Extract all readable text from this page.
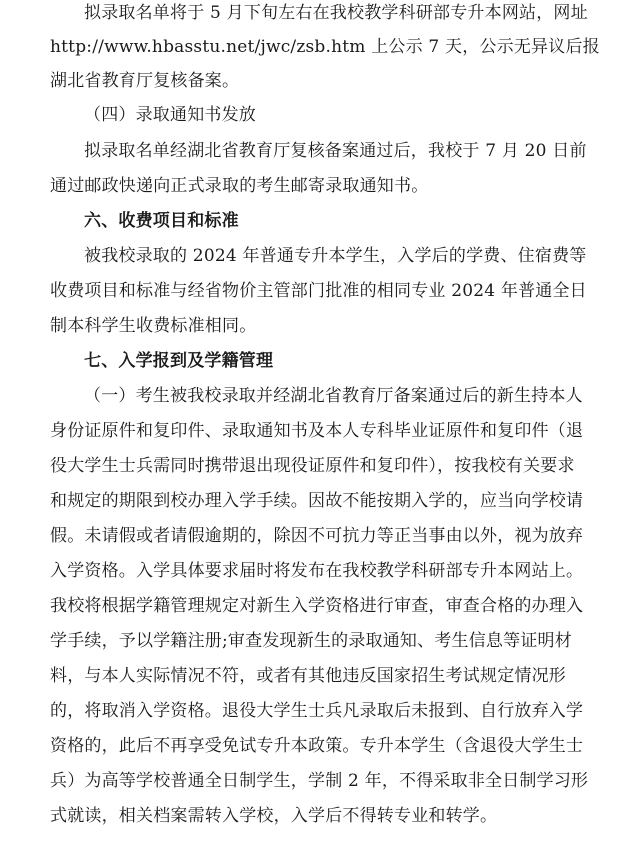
拟录取名单将于 5 月下旬左右在我校教学科研部专升本网站，网址
http://www.hbasstu.net/jwc/zsb.htm 上公示 7 天，公示无异议后报
湖北省教育厅复核备案。
（四）录取通知书发放
拟录取名单经湖北省教育厅复核备案通过后，我校于 7 月 20 日前
通过邮政快递向正式录取的考生邮寄录取通知书。
六、收费项目和标准
被我校录取的 2024 年普通专升本学生，入学后的学费、住宿费等
收费项目和标准与经省物价主管部门批准的相同专业 2024 年普通全日
制本科学生收费标准相同。
七、入学报到及学籍管理
（一）考生被我校录取并经湖北省教育厅备案通过后的新生持本人
身份证原件和复印件、录取通知书及本人专科毕业证原件和复印件（退
役大学生士兵需同时携带退出现役证原件和复印件），按我校有关要求
和规定的期限到校办理入学手续。因故不能按期入学的，应当向学校请
假。未请假或者请假逾期的，除因不可抗力等正当事由以外，视为放弃
入学资格。入学具体要求届时将发布在我校教学科研部专升本网站上。
我校将根据学籍管理规定对新生入学资格进行审查，审查合格的办理入
学手续，予以学籍注册;审查发现新生的录取通知、考生信息等证明材
料，与本人实际情况不符，或者有其他违反国家招生考试规定情况形
的，将取消入学资格。退役大学生士兵凡录取后未报到、自行放弃入学
资格的，此后不再享受免试专升本政策。专升本学生（含退役大学生士
兵）为高等学校普通全日制学生，学制 2 年，不得采取非全日制学习形
式就读，相关档案需转入学校，入学后不得转专业和转学。
